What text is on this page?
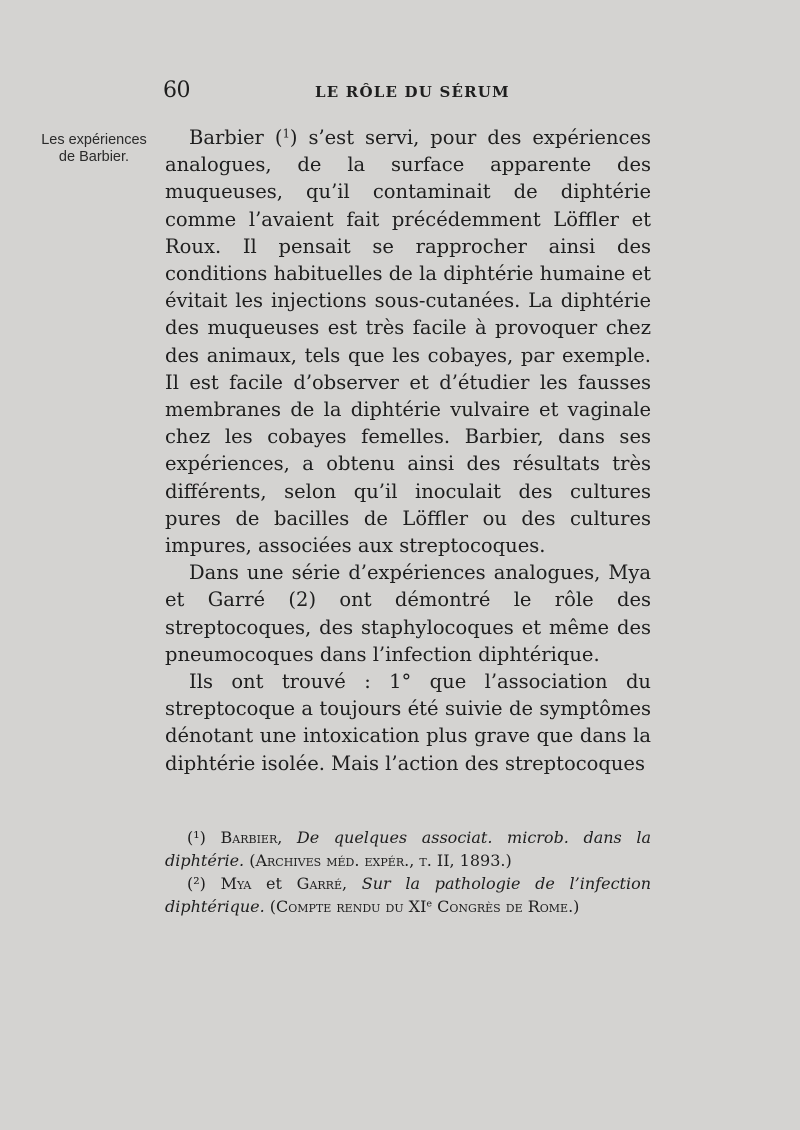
60	LE RÔLE DU SÉRUM
Les expériences
de Barbier.

Barbier ($^1$) s’est servi, pour des expériences analogues, de la surface apparente des muqueuses, qu’il contaminait de diphtérie comme l’avaient fait précédemment Löffler et Roux. Il pensait se rapprocher ainsi des conditions habituelles de la diphtérie humaine et évitait les injections sous-cutanées. La diphtérie des muqueuses est très facile à provoquer chez des animaux, tels que les cobayes, par exemple. Il est facile d’observer et d’étudier les fausses membranes de la diphtérie vulvaire et vaginale chez les cobayes femelles. Barbier, dans ses expériences, a obtenu ainsi des résultats très différents, selon qu’il inoculait des cultures pures de bacilles de Löffler ou des cultures impures, associées aux streptocoques.

Dans une série d’expériences analogues, Mya et Garré (2) ont démontré le rôle des streptocoques, des staphylocoques et même des pneumocoques dans l’infection diphtérique.

Ils ont trouvé : 1° que l’association du streptocoque a toujours été suivie de symptômes dénotant une intoxication plus grave que dans la diphtérie isolée. Mais l’action des streptocoques

(¹) Barbier, De quelques associat. microb. dans la diphtérie. (Archives méd. expér., t. II, 1893.)

(²) Mya et Garré, Sur la pathologie de l’infection diphtérique. (Compte rendu du XIe Congrès de Rome.)
